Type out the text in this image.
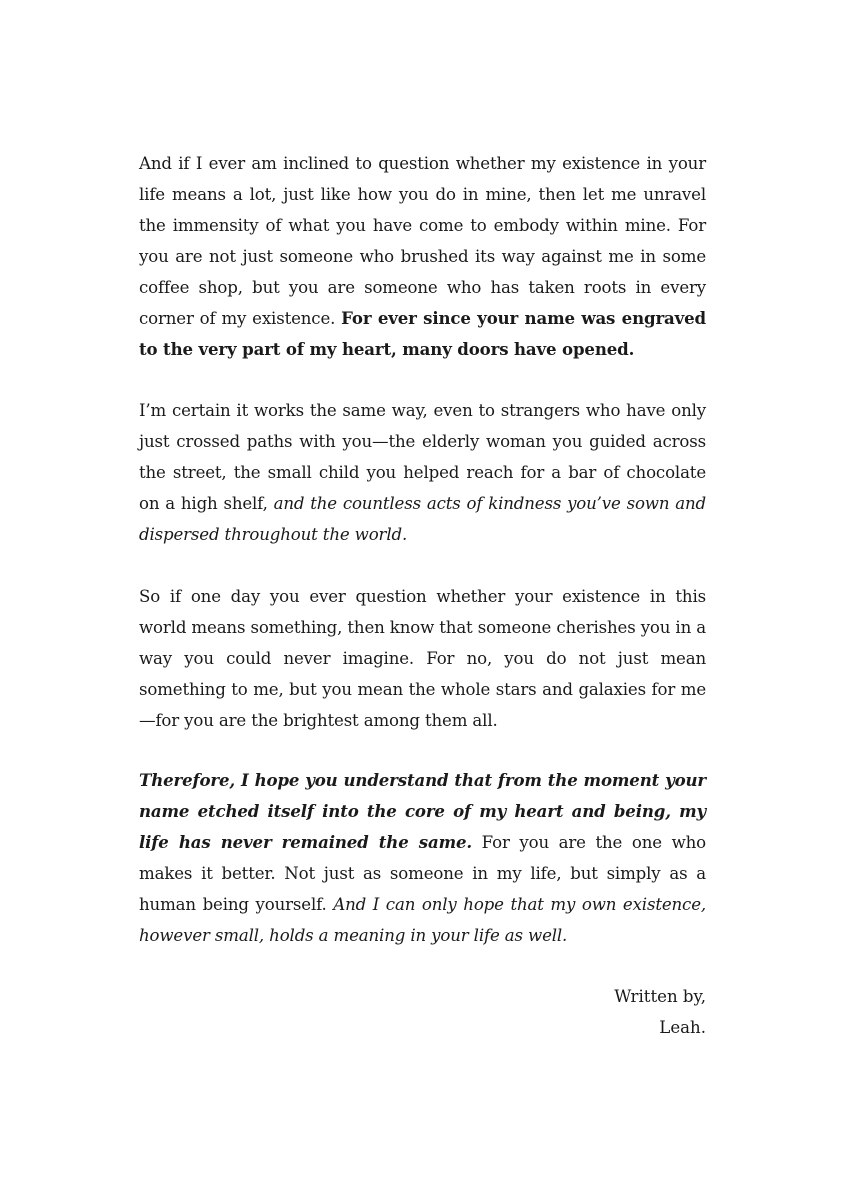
And if I ever am inclined to question whether my existence in your life means a lot, just like how you do in mine, then let me unravel the immensity of what you have come to embody within mine. For you are not just someone who brushed its way against me in some coffee shop, but you are someone who has taken roots in every corner of my existence. For ever since your name was engraved to the very part of my heart, many doors have opened.

I’m certain it works the same way, even to strangers who have only just crossed paths with you—the elderly woman you guided across the street, the small child you helped reach for a bar of chocolate on a high shelf, and the countless acts of kindness you’ve sown and dispersed throughout the world.

So if one day you ever question whether your existence in this world means something, then know that someone cherishes you in a way you could never imagine. For no, you do not just mean something to me, but you mean the whole stars and galaxies for me—for you are the brightest among them all.

Therefore, I hope you understand that from the moment your name etched itself into the core of my heart and being, my life has never remained the same. For you are the one who makes it better. Not just as someone in my life, but simply as a human being yourself. And I can only hope that my own existence, however small, holds a meaning in your life as well.

Written by,
Leah.
